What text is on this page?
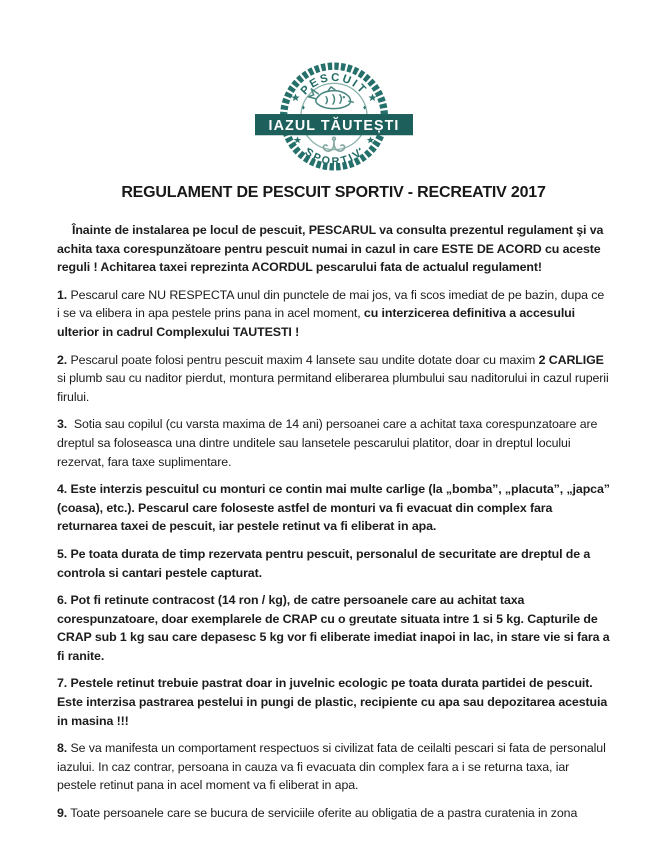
PESCUIT
IAZUL TĂUTEȘTI
SPORTIV
REGULAMENT DE PESCUIT SPORTIV - RECREATIV 2017

Înainte de instalarea pe locul de pescuit, PESCARUL va consulta prezentul regulament şi va achita taxa corespunzătoare pentru pescuit numai in cazul in care ESTE DE ACORD cu aceste reguli ! Achitarea taxei reprezinta ACORDUL pescarului fata de actualul regulament!

1. Pescarul care NU RESPECTA unul din punctele de mai jos, va fi scos imediat de pe bazin, dupa ce i se va elibera in apa pestele prins pana in acel moment, cu interzicerea definitiva a accesului ulterior in cadrul Complexului TAUTESTI !

2. Pescarul poate folosi pentru pescuit maxim 4 lansete sau undite dotate doar cu maxim 2 CARLIGE si plumb sau cu naditor pierdut, montura permitand eliberarea plumbului sau naditorului in cazul ruperii firului.

3.  Sotia sau copilul (cu varsta maxima de 14 ani) persoanei care a achitat taxa corespunzatoare are dreptul sa foloseasca una dintre unditele sau lansetele pescarului platitor, doar in dreptul locului rezervat, fara taxe suplimentare.

4. Este interzis pescuitul cu monturi ce contin mai multe carlige (la „bomba”, „placuta”, „japca” (coasa), etc.). Pescarul care foloseste astfel de monturi va fi evacuat din complex fara returnarea taxei de pescuit, iar pestele retinut va fi eliberat in apa.

5. Pe toata durata de timp rezervata pentru pescuit, personalul de securitate are dreptul de a controla si cantari pestele capturat.

6. Pot fi retinute contracost (14 ron / kg), de catre persoanele care au achitat taxa corespunzatoare, doar exemplarele de CRAP cu o greutate situata intre 1 si 5 kg. Capturile de CRAP sub 1 kg sau care depasesc 5 kg vor fi eliberate imediat inapoi in lac, in stare vie si fara a fi ranite.

7. Pestele retinut trebuie pastrat doar in juvelnic ecologic pe toata durata partidei de pescuit. Este interzisa pastrarea pestelui in pungi de plastic, recipiente cu apa sau depozitarea acestuia in masina !!!

8. Se va manifesta un comportament respectuos si civilizat fata de ceilalti pescari si fata de personalul iazului. In caz contrar, persoana in cauza va fi evacuata din complex fara a i se returna taxa, iar pestele retinut pana in acel moment va fi eliberat in apa.

9. Toate persoanele care se bucura de serviciile oferite au obligatia de a pastra curatenia in zona
